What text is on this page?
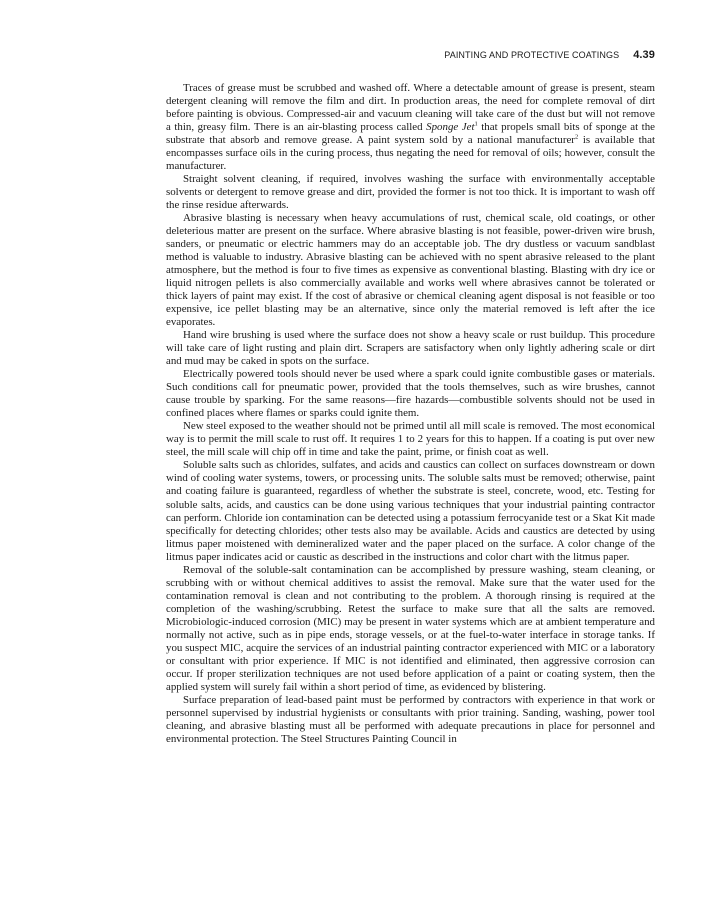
PAINTING AND PROTECTIVE COATINGS 4.39

Traces of grease must be scrubbed and washed off. Where a detectable amount of grease is present, steam detergent cleaning will remove the film and dirt. In production areas, the need for complete removal of dirt before painting is obvious. Compressed-air and vacuum cleaning will take care of the dust but will not remove a thin, greasy film. There is an air-blasting process called Sponge Jet$^1$ that propels small bits of sponge at the substrate that absorb and remove grease. A paint system sold by a national manufacturer$^2$ is available that encompasses surface oils in the curing process, thus negating the need for removal of oils; however, consult the manufacturer.

Straight solvent cleaning, if required, involves washing the surface with environmentally acceptable solvents or detergent to remove grease and dirt, provided the former is not too thick. It is important to wash off the rinse residue afterwards.

Abrasive blasting is necessary when heavy accumulations of rust, chemical scale, old coatings, or other deleterious matter are present on the surface. Where abrasive blasting is not feasible, power-driven wire brush, sanders, or pneumatic or electric hammers may do an acceptable job. The dry dustless or vacuum sandblast method is valuable to industry. Abrasive blasting can be achieved with no spent abrasive released to the plant atmosphere, but the method is four to five times as expensive as conventional blasting. Blasting with dry ice or liquid nitrogen pellets is also commercially available and works well where abrasives cannot be tolerated or thick layers of paint may exist. If the cost of abrasive or chemical cleaning agent disposal is not feasible or too expensive, ice pellet blasting may be an alternative, since only the material removed is left after the ice evaporates.

Hand wire brushing is used where the surface does not show a heavy scale or rust buildup. This procedure will take care of light rusting and plain dirt. Scrapers are satisfactory when only lightly adhering scale or dirt and mud may be caked in spots on the surface.

Electrically powered tools should never be used where a spark could ignite combustible gases or materials. Such conditions call for pneumatic power, provided that the tools themselves, such as wire brushes, cannot cause trouble by sparking. For the same reasons—fire hazards—combustible solvents should not be used in confined places where flames or sparks could ignite them.

New steel exposed to the weather should not be primed until all mill scale is removed. The most economical way is to permit the mill scale to rust off. It requires 1 to 2 years for this to happen. If a coating is put over new steel, the mill scale will chip off in time and take the paint, prime, or finish coat as well.

Soluble salts such as chlorides, sulfates, and acids and caustics can collect on surfaces downstream or down wind of cooling water systems, towers, or processing units. The soluble salts must be removed; otherwise, paint and coating failure is guaranteed, regardless of whether the substrate is steel, concrete, wood, etc. Testing for soluble salts, acids, and caustics can be done using various techniques that your industrial painting contractor can perform. Chloride ion contamination can be detected using a potassium ferrocyanide test or a Skat Kit made specifically for detecting chlorides; other tests also may be available. Acids and caustics are detected by using litmus paper moistened with demineralized water and the paper placed on the surface. A color change of the litmus paper indicates acid or caustic as described in the instructions and color chart with the litmus paper.

Removal of the soluble-salt contamination can be accomplished by pressure washing, steam cleaning, or scrubbing with or without chemical additives to assist the removal. Make sure that the water used for the contamination removal is clean and not contributing to the problem. A thorough rinsing is required at the completion of the washing/scrubbing. Retest the surface to make sure that all the salts are removed. Microbiologic-induced corrosion (MIC) may be present in water systems which are at ambient temperature and normally not active, such as in pipe ends, storage vessels, or at the fuel-to-water interface in storage tanks. If you suspect MIC, acquire the services of an industrial painting contractor experienced with MIC or a laboratory or consultant with prior experience. If MIC is not identified and eliminated, then aggressive corrosion can occur. If proper sterilization techniques are not used before application of a paint or coating system, then the applied system will surely fail within a short period of time, as evidenced by blistering.

Surface preparation of lead-based paint must be performed by contractors with experience in that work or personnel supervised by industrial hygienists or consultants with prior training. Sanding, washing, power tool cleaning, and abrasive blasting must all be performed with adequate precautions in place for personnel and environmental protection. The Steel Structures Painting Council in
